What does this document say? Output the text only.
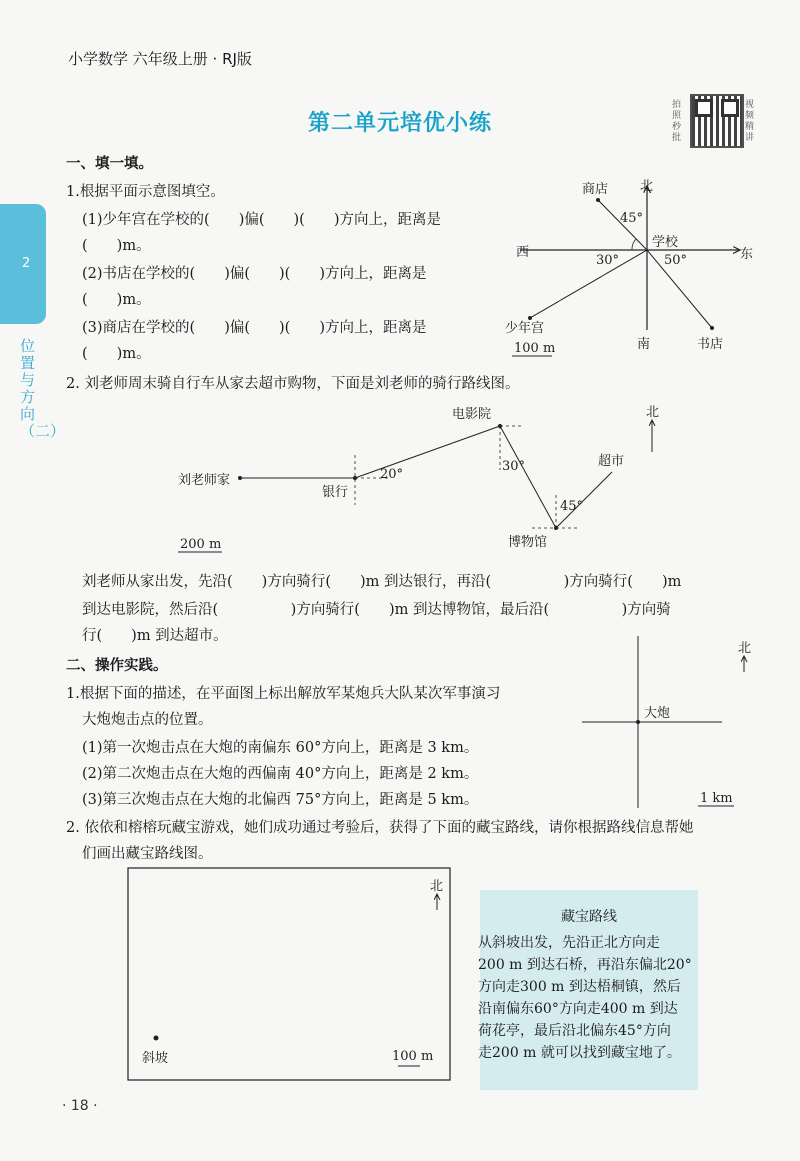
小学数学 六年级上册 · RJ版
第二单元培优小练
拍照秒批
视频精讲
2
位置与方向（二）
一、填一填。
1.根据平面示意图填空。
(1)少年宫在学校的(　　)偏(　　)(　　)方向上，距离是
(　　)m。
(2)书店在学校的(　　)偏(　　)(　　)方向上，距离是
(　　)m。
(3)商店在学校的(　　)偏(　　)(　　)方向上，距离是
(　　)m。
2. 刘老师周末骑自行车从家去超市购物，下面是刘老师的骑行路线图。
刘老师从家出发，先沿(　　)方向骑行(　　)m 到达银行，再沿(　　　　　)方向骑行(　　)m
到达电影院，然后沿(　　　　　)方向骑行(　　)m 到达博物馆，最后沿(　　　　　)方向骑
行(　　)m 到达超市。
二、操作实践。
1.根据下面的描述，在平面图上标出解放军某炮兵大队某次军事演习
大炮炮击点的位置。
(1)第一次炮击点在大炮的南偏东 60°方向上，距离是 3 km。
(2)第二次炮击点在大炮的西偏南 40°方向上，距离是 2 km。
(3)第三次炮击点在大炮的北偏西 75°方向上，距离是 5 km。
2. 依依和榕榕玩藏宝游戏，她们成功通过考验后，获得了下面的藏宝路线，请你根据路线信息帮她
们画出藏宝路线图。
藏宝路线
从斜坡出发，先沿正北方向走
200 m 到达石桥，再沿东偏北20°
方向走300 m 到达梧桐镇，然后
沿南偏东60°方向走400 m 到达
荷花亭，最后沿北偏东45°方向
走200 m 就可以找到藏宝地了。
· 18 ·
北
南
东
西
学校
商店
少年宫
书店
45°
30°	50°
100 m
刘老师家
银行
电影院
博物馆
超市
北
20°
30°
45°
200 m
大炮
北
1 km
北
斜坡	100 m
